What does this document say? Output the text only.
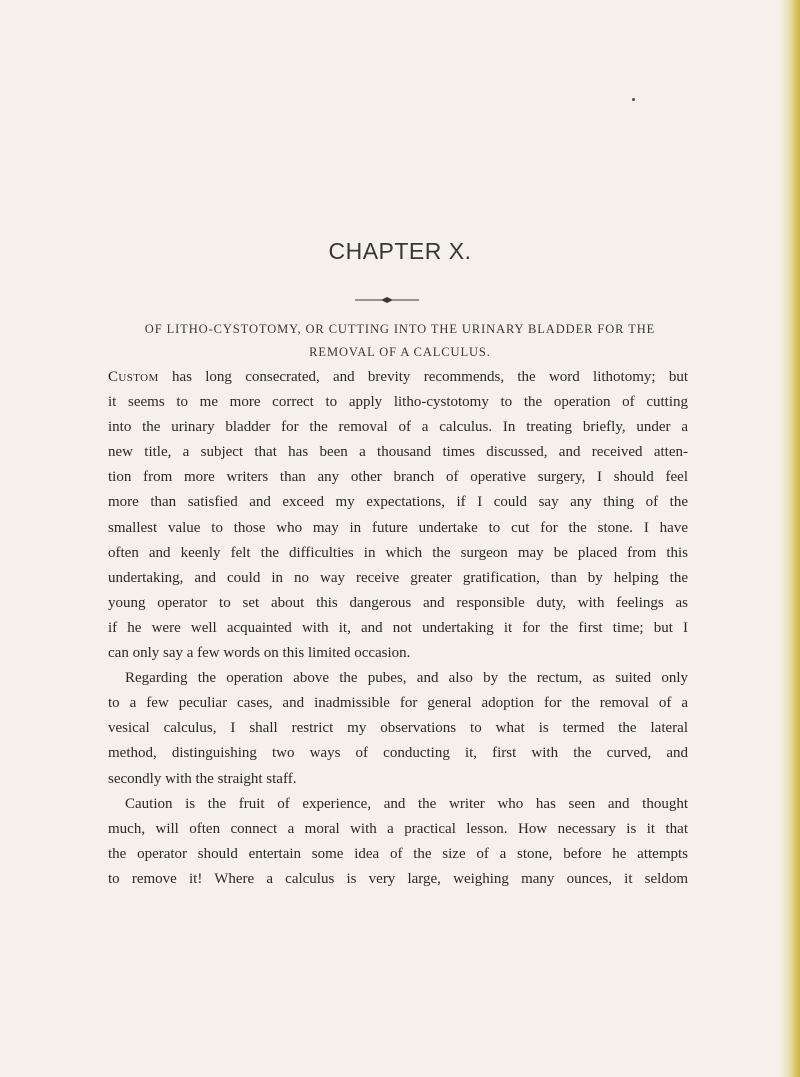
CHAPTER X.
OF LITHO-CYSTOTOMY, OR CUTTING INTO THE URINARY BLADDER FOR THE
REMOVAL OF A CALCULUS.
Custom has long consecrated, and brevity recommends, the word lithotomy; but
it seems to me more correct to apply litho-cystotomy to the operation of cutting
into the urinary bladder for the removal of a calculus. In treating briefly, under a
new title, a subject that has been a thousand times discussed, and received atten-
tion from more writers than any other branch of operative surgery, I should feel
more than satisfied and exceed my expectations, if I could say any thing of the
smallest value to those who may in future undertake to cut for the stone. I have
often and keenly felt the difficulties in which the surgeon may be placed from this
undertaking, and could in no way receive greater gratification, than by helping the
young operator to set about this dangerous and responsible duty, with feelings as
if he were well acquainted with it, and not undertaking it for the first time; but I
can only say a few words on this limited occasion.
Regarding the operation above the pubes, and also by the rectum, as suited only
to a few peculiar cases, and inadmissible for general adoption for the removal of a
vesical calculus, I shall restrict my observations to what is termed the lateral
method, distinguishing two ways of conducting it, first with the curved, and
secondly with the straight staff.
Caution is the fruit of experience, and the writer who has seen and thought
much, will often connect a moral with a practical lesson. How necessary is it that
the operator should entertain some idea of the size of a stone, before he attempts
to remove it! Where a calculus is very large, weighing many ounces, it seldom
